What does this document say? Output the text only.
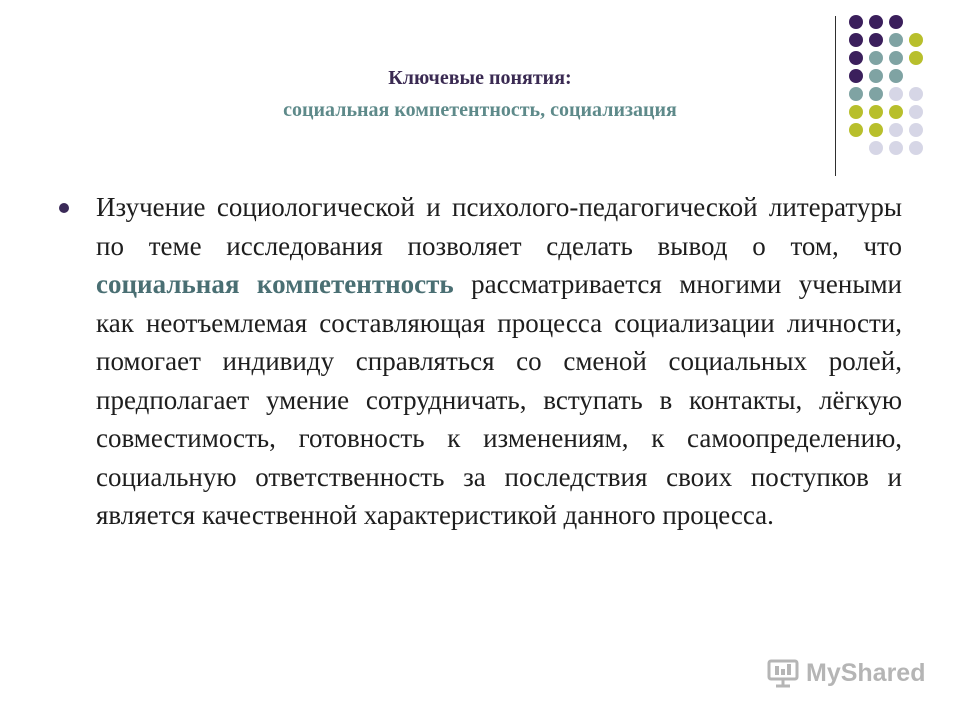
Ключевые понятия:
социальная компетентность, социализация

Изучение социологической и психолого-педагогической литературы по теме исследования позволяет сделать вывод о том, что социальная компетентность рассматривается многими учеными как неотъемлемая составляющая процесса социализации личности, помогает индивиду справляться со сменой социальных ролей, предполагает умение сотрудничать, вступать в контакты, лёгкую совместимость, готовность к изменениям, к самоопределению, социальную ответственность за последствия своих поступков и является качественной характеристикой данного процесса.

MyShared
